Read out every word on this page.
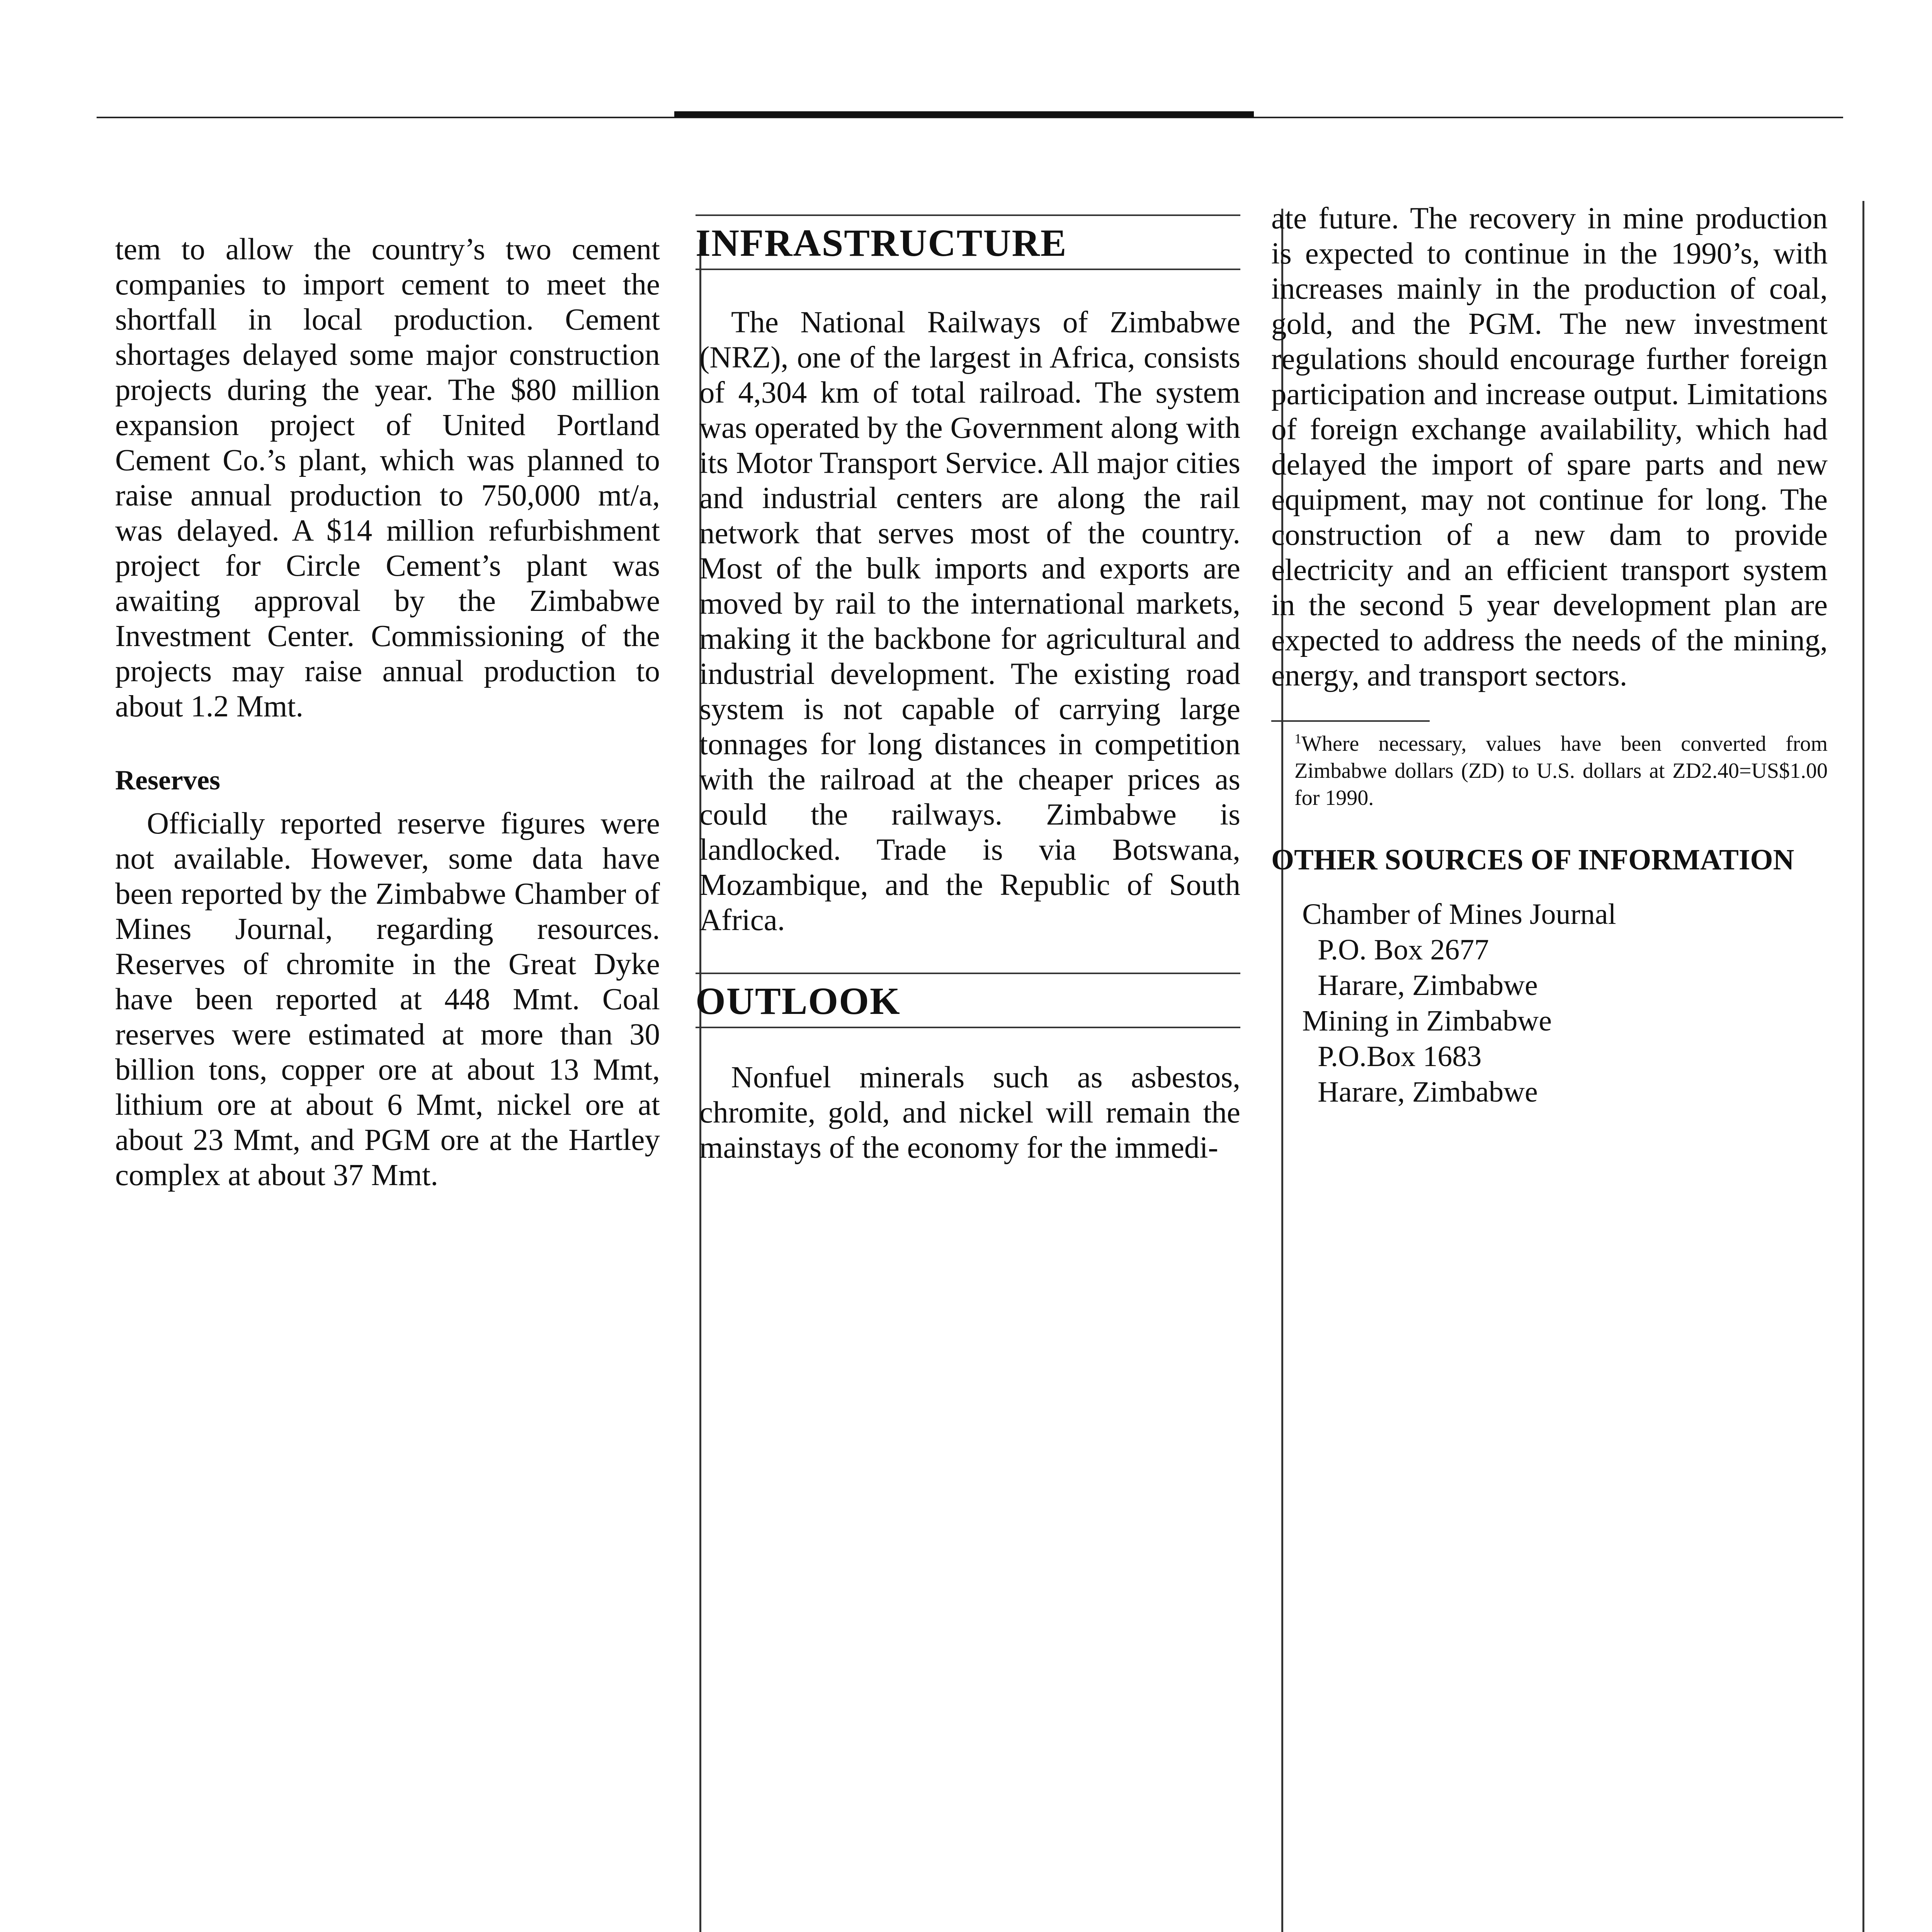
tem to allow the country’s two cement companies to import cement to meet the shortfall in local production. Cement shortages delayed some major construction projects during the year. The $80 million expansion project of United Portland Cement Co.’s plant, which was planned to raise annual production to 750,000 mt/a, was delayed. A $14 million refurbishment project for Circle Cement’s plant was awaiting approval by the Zimbabwe Investment Center. Commissioning of the projects may raise annual production to about 1.2 Mmt.

Reserves

Officially reported reserve figures were not available. However, some data have been reported by the Zimbabwe Chamber of Mines Journal, regarding resources. Reserves of chromite in the Great Dyke have been reported at 448 Mmt. Coal reserves were estimated at more than 30 billion tons, copper ore at about 13 Mmt, lithium ore at about 6 Mmt, nickel ore at about 23 Mmt, and PGM ore at the Hartley complex at about 37 Mmt.

INFRASTRUCTURE

The National Railways of Zimbabwe (NRZ), one of the largest in Africa, consists of 4,304 km of total railroad. The system was operated by the Government along with its Motor Transport Service. All major cities and industrial centers are along the rail network that serves most of the country. Most of the bulk imports and exports are moved by rail to the international markets, making it the backbone for agricultural and industrial development. The existing road system is not capable of carrying large tonnages for long distances in competition with the railroad at the cheaper prices as could the railways. Zimbabwe is landlocked. Trade is via Botswana, Mozambique, and the Republic of South Africa.

OUTLOOK

Nonfuel minerals such as asbestos, chromite, gold, and nickel will remain the mainstays of the economy for the immedi-

ate future. The recovery in mine production is expected to continue in the 1990’s, with increases mainly in the production of coal, gold, and the PGM. The new investment regulations should encourage further foreign participation and increase output. Limitations of foreign exchange availability, which had delayed the import of spare parts and new equipment, may not continue for long. The construction of a new dam to provide electricity and an efficient transport system in the second 5 year development plan are expected to address the needs of the mining, energy, and transport sectors.

$^1$Where necessary, values have been converted from Zimbabwe dollars (ZD) to U.S. dollars at ZD2.40=US$1.00 for 1990.

OTHER SOURCES OF INFORMATION

Chamber of Mines Journal

P.O. Box 2677

Harare, Zimbabwe

Mining in Zimbabwe

P.O.Box 1683

Harare, Zimbabwe
